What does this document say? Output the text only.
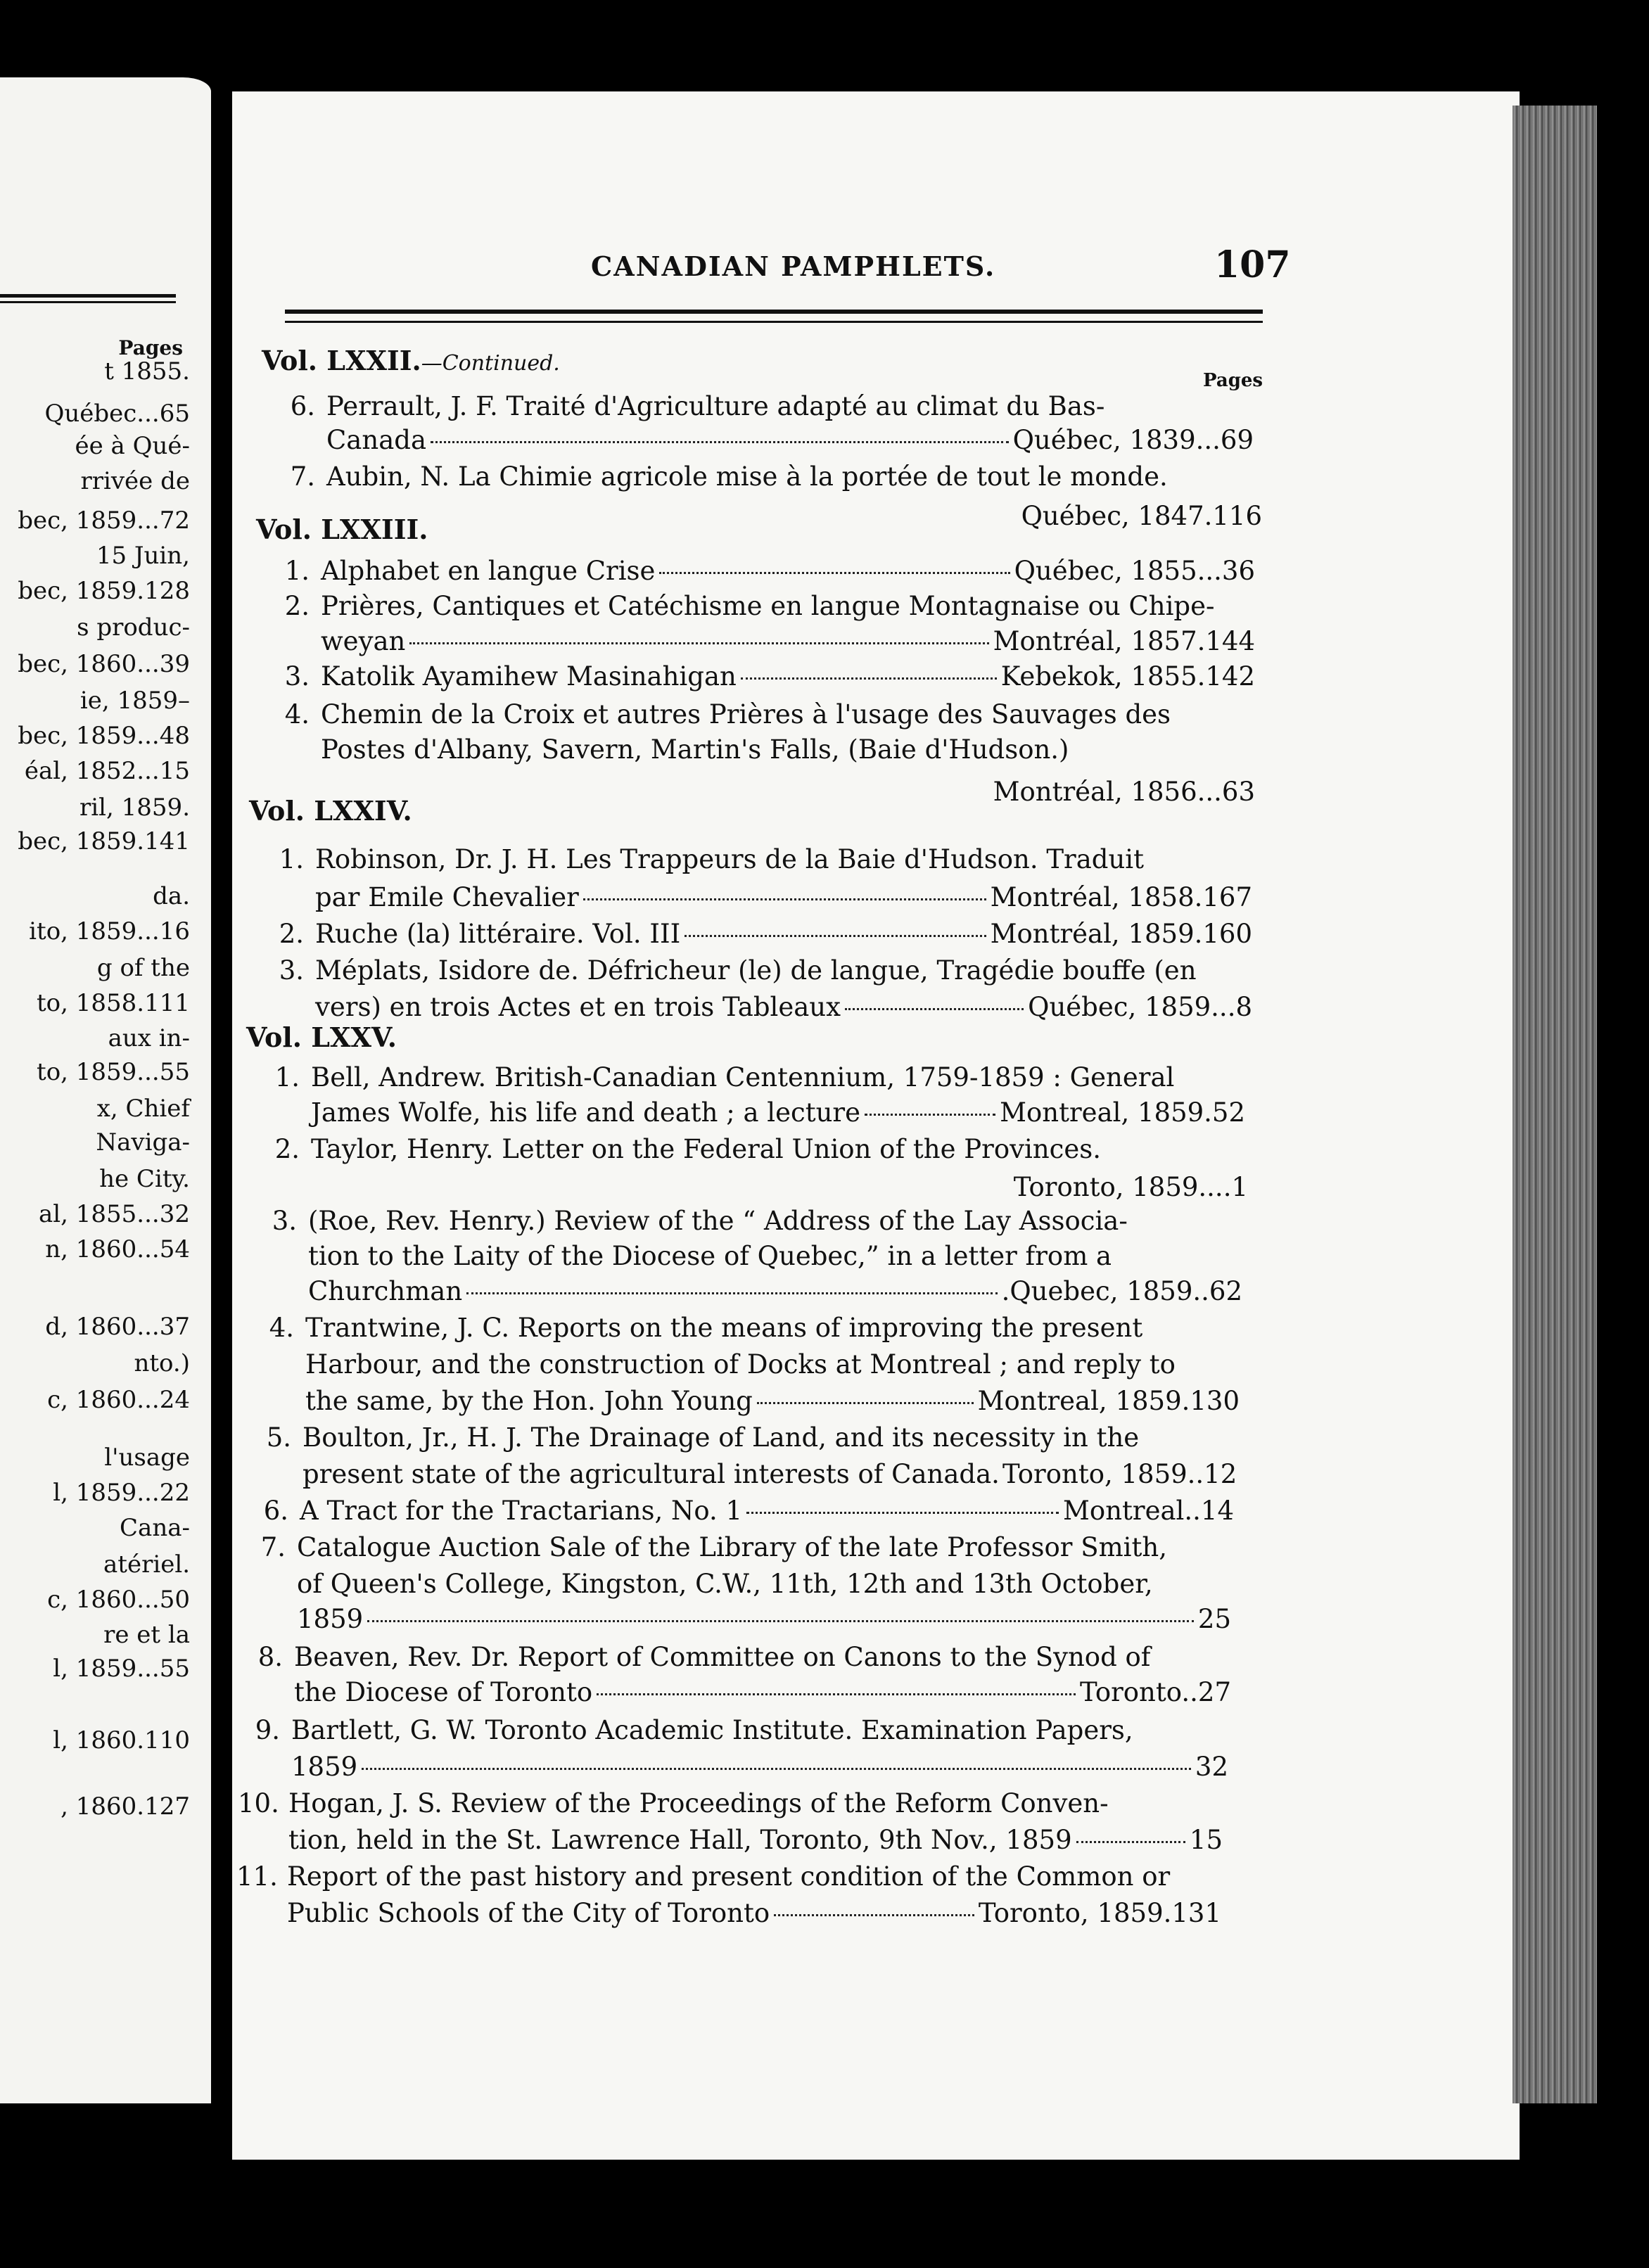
Pages
t 1855.
Québec...65
ée à Qué-
rrivée de
bec, 1859...72
15 Juin,
bec, 1859.128
s produc-
bec, 1860...39
ie, 1859–
bec, 1859...48
éal, 1852...15
ril, 1859.
bec, 1859.141
da.
ito, 1859...16
g of the
to, 1858.111
aux in-
to, 1859...55
x, Chief
Naviga-
he City.
al, 1855...32
n, 1860...54
d, 1860...37
nto.)
c, 1860...24
l'usage
l, 1859...22
Cana-
atériel.
c, 1860...50
re et la
l, 1859...55
l, 1860.110
, 1860.127
CANADIAN PAMPHLETS.	107
Vol. LXXII.—Continued.
Pages
6. Perrault, J. F. Traité d'Agriculture adapté au climat du Bas-
Canada	Québec, 1839...69
7. Aubin, N. La Chimie agricole mise à la portée de tout le monde.
Québec, 1847.116
Vol. LXXIII.
1. Alphabet en langue Crise	Québec, 1855...36
2. Prières, Cantiques et Catéchisme en langue Montagnaise ou Chipe-
weyan	Montréal, 1857.144
3. Katolik Ayamihew Masinahigan	Kebekok, 1855.142
4. Chemin de la Croix et autres Prières à l'usage des Sauvages des
Postes d'Albany, Savern, Martin's Falls, (Baie d'Hudson.)
Montréal, 1856...63
Vol. LXXIV.
1. Robinson, Dr. J. H. Les Trappeurs de la Baie d'Hudson. Traduit
par Emile Chevalier	Montréal, 1858.167
2. Ruche (la) littéraire. Vol. III	Montréal, 1859.160
3. Méplats, Isidore de. Défricheur (le) de langue, Tragédie bouffe (en
vers) en trois Actes et en trois Tableaux	Québec, 1859...8
Vol. LXXV.
1. Bell, Andrew. British-Canadian Centennium, 1759-1859 : General
James Wolfe, his life and death ; a lecture	Montreal, 1859.52
2. Taylor, Henry. Letter on the Federal Union of the Provinces.
Toronto, 1859....1
3. (Roe, Rev. Henry.) Review of the “ Address of the Lay Associa-
tion to the Laity of the Diocese of Quebec,” in a letter from a
Churchman	.Quebec, 1859..62
4. Trantwine, J. C. Reports on the means of improving the present
Harbour, and the construction of Docks at Montreal ; and reply to
the same, by the Hon. John Young	Montreal, 1859.130
5. Boulton, Jr., H. J. The Drainage of Land, and its necessity in the
present state of the agricultural interests of Canada. Toronto, 1859..12
6. A Tract for the Tractarians, No. 1	Montreal..14
7. Catalogue Auction Sale of the Library of the late Professor Smith,
of Queen's College, Kingston, C.W., 11th, 12th and 13th October,
1859	25
8. Beaven, Rev. Dr. Report of Committee on Canons to the Synod of
the Diocese of Toronto	Toronto..27
9. Bartlett, G. W. Toronto Academic Institute. Examination Papers,
1859	32
10. Hogan, J. S. Review of the Proceedings of the Reform Conven-
tion, held in the St. Lawrence Hall, Toronto, 9th Nov., 1859	15
11. Report of the past history and present condition of the Common or
Public Schools of the City of Toronto	Toronto, 1859.131
